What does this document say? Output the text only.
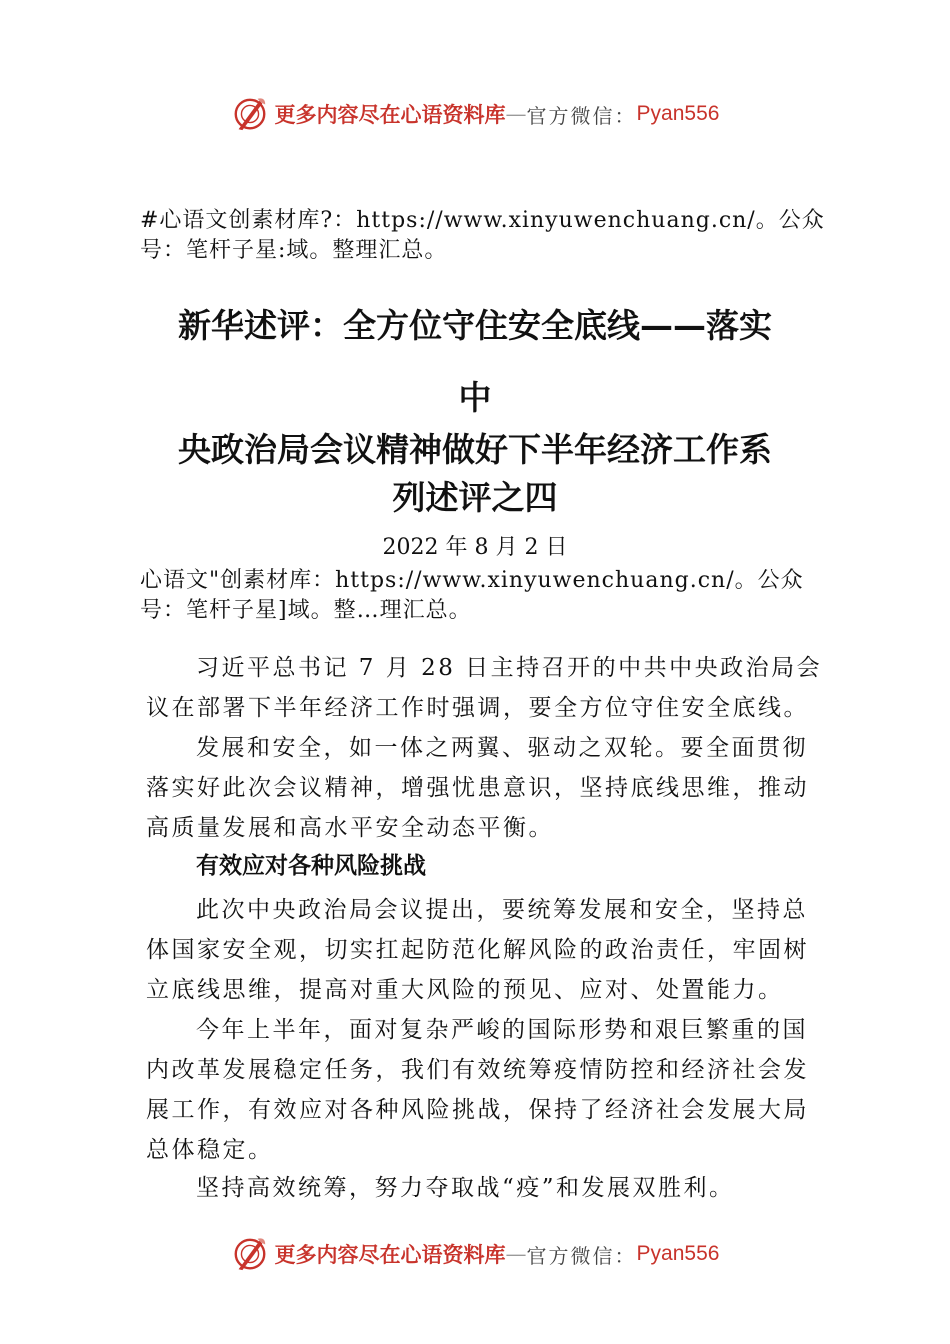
更多内容尽在心语资料库 — 官方微信： Pyan556

#心语文创素材库?：https://www.xinyuwenchuang.cn/。公众号：笔杆子星:域。整理汇总。

新华述评：全方位守住安全底线——落实
中
央政治局会议精神做好下半年经济工作系
列述评之四

2022 年 8 月 2 日

心语文"创素材库：https://www.xinyuwenchuang.cn/。公众号：笔杆子星]域。整…理汇总。

习近平总书记 7 月 28 日主持召开的中共中央政治局会议在部署下半年经济工作时强调，要全方位守住安全底线。

发展和安全，如一体之两翼、驱动之双轮。要全面贯彻落实好此次会议精神，增强忧患意识，坚持底线思维，推动高质量发展和高水平安全动态平衡。

有效应对各种风险挑战

此次中央政治局会议提出，要统筹发展和安全，坚持总体国家安全观，切实扛起防范化解风险的政治责任，牢固树立底线思维，提高对重大风险的预见、应对、处置能力。

今年上半年，面对复杂严峻的国际形势和艰巨繁重的国内改革发展稳定任务，我们有效统筹疫情防控和经济社会发展工作，有效应对各种风险挑战，保持了经济社会发展大局总体稳定。

坚持高效统筹，努力夺取战“疫”和发展双胜利。

更多内容尽在心语资料库 — 官方微信： Pyan556
